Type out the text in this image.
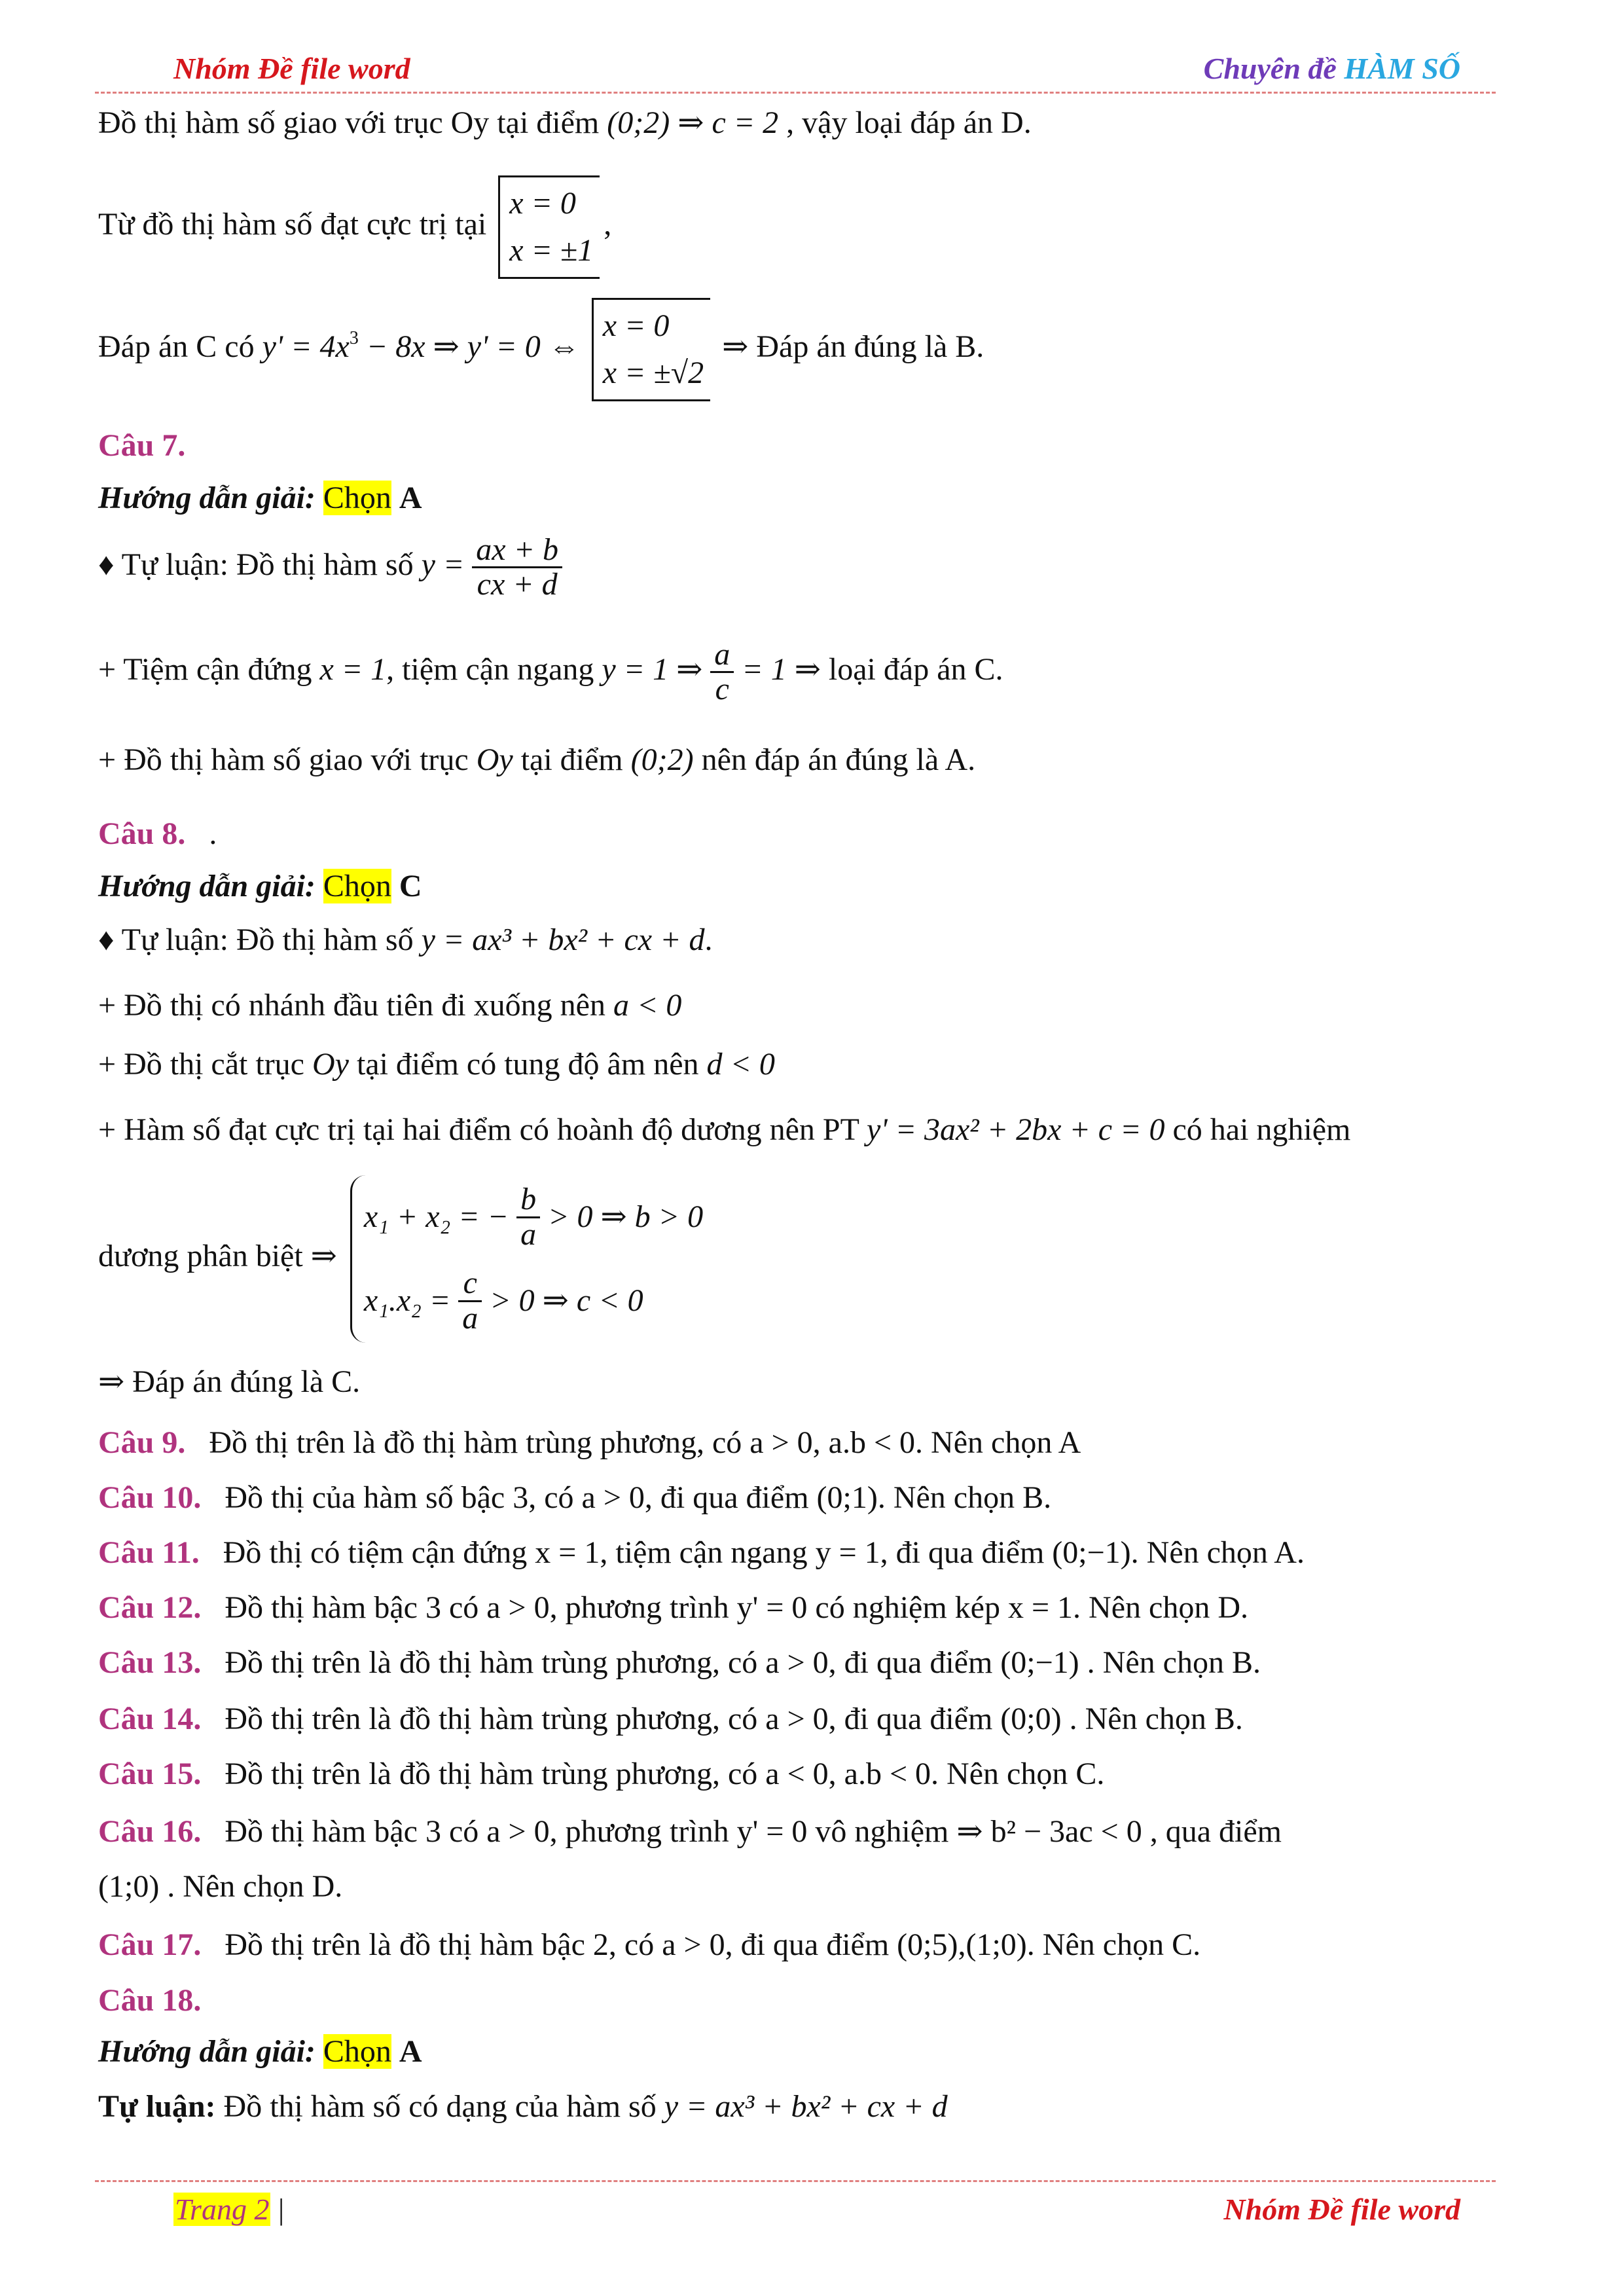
Nhóm Đề file word	Chuyên đề HÀM SỐ
Đồ thị hàm số giao với trục Oy tại điểm (0;2) ⇒ c = 2 , vậy loại đáp án D.
Từ đồ thị hàm số đạt cực trị tại x = 0
x = ±1,
Đáp án C có $y' = 4x^3 - 8x$ ⇒ y' = 0 ⇔ x = 0
x = ±√2 ⇒ Đáp án đúng là B.
Câu 7.
Hướng dẫn giải: Chọn A
♦ Tự luận: Đồ thị hàm số $y = \frac{ax + b}{cx + d}$
+ Tiệm cận đứng x = 1, tiệm cận ngang y = 1 ⇒ $\frac{a}{c} = 1$ ⇒ loại đáp án C.
+ Đồ thị hàm số giao với trục Oy tại điểm (0;2) nên đáp án đúng là A.
Câu 8. .
Hướng dẫn giải: Chọn C
♦ Tự luận: Đồ thị hàm số y = ax³ + bx² + cx + d.
+ Đồ thị có nhánh đầu tiên đi xuống nên a < 0
+ Đồ thị cắt trục Oy tại điểm có tung độ âm nên d < 0
+ Hàm số đạt cực trị tại hai điểm có hoành độ dương nên PT y' = 3ax² + 2bx + c = 0 có hai nghiệm
dương phân biệt ⇒
x₁ + x₂ = −
$\frac{b}{a}$
> 0 ⇒ b > 0
x₁.x₂ =
$\frac{c}{a}$
> 0 ⇒ c < 0
⇒ Đáp án đúng là C.
Câu 9. Đồ thị trên là đồ thị hàm trùng phương, có a > 0, a.b < 0. Nên chọn A
Câu 10. Đồ thị của hàm số bậc 3, có a > 0, đi qua điểm (0;1). Nên chọn B.
Câu 11. Đồ thị có tiệm cận đứng x = 1, tiệm cận ngang y = 1, đi qua điểm (0;−1). Nên chọn A.
Câu 12. Đồ thị hàm bậc 3 có a > 0, phương trình y' = 0 có nghiệm kép x = 1. Nên chọn D.
Câu 13. Đồ thị trên là đồ thị hàm trùng phương, có a > 0, đi qua điểm (0;−1) . Nên chọn B.
Câu 14. Đồ thị trên là đồ thị hàm trùng phương, có a > 0, đi qua điểm (0;0) . Nên chọn B.
Câu 15. Đồ thị trên là đồ thị hàm trùng phương, có a < 0, a.b < 0. Nên chọn C.
Câu 16. Đồ thị hàm bậc 3 có a > 0, phương trình y' = 0 vô nghiệm ⇒ b² − 3ac < 0 , qua điểm
(1;0) . Nên chọn D.
Câu 17. Đồ thị trên là đồ thị hàm bậc 2, có a > 0, đi qua điểm (0;5),(1;0). Nên chọn C.
Câu 18.
Hướng dẫn giải: Chọn A
Tự luận: Đồ thị hàm số có dạng của hàm số y = ax³ + bx² + cx + d
Trang 2 |	Nhóm Đề file word
